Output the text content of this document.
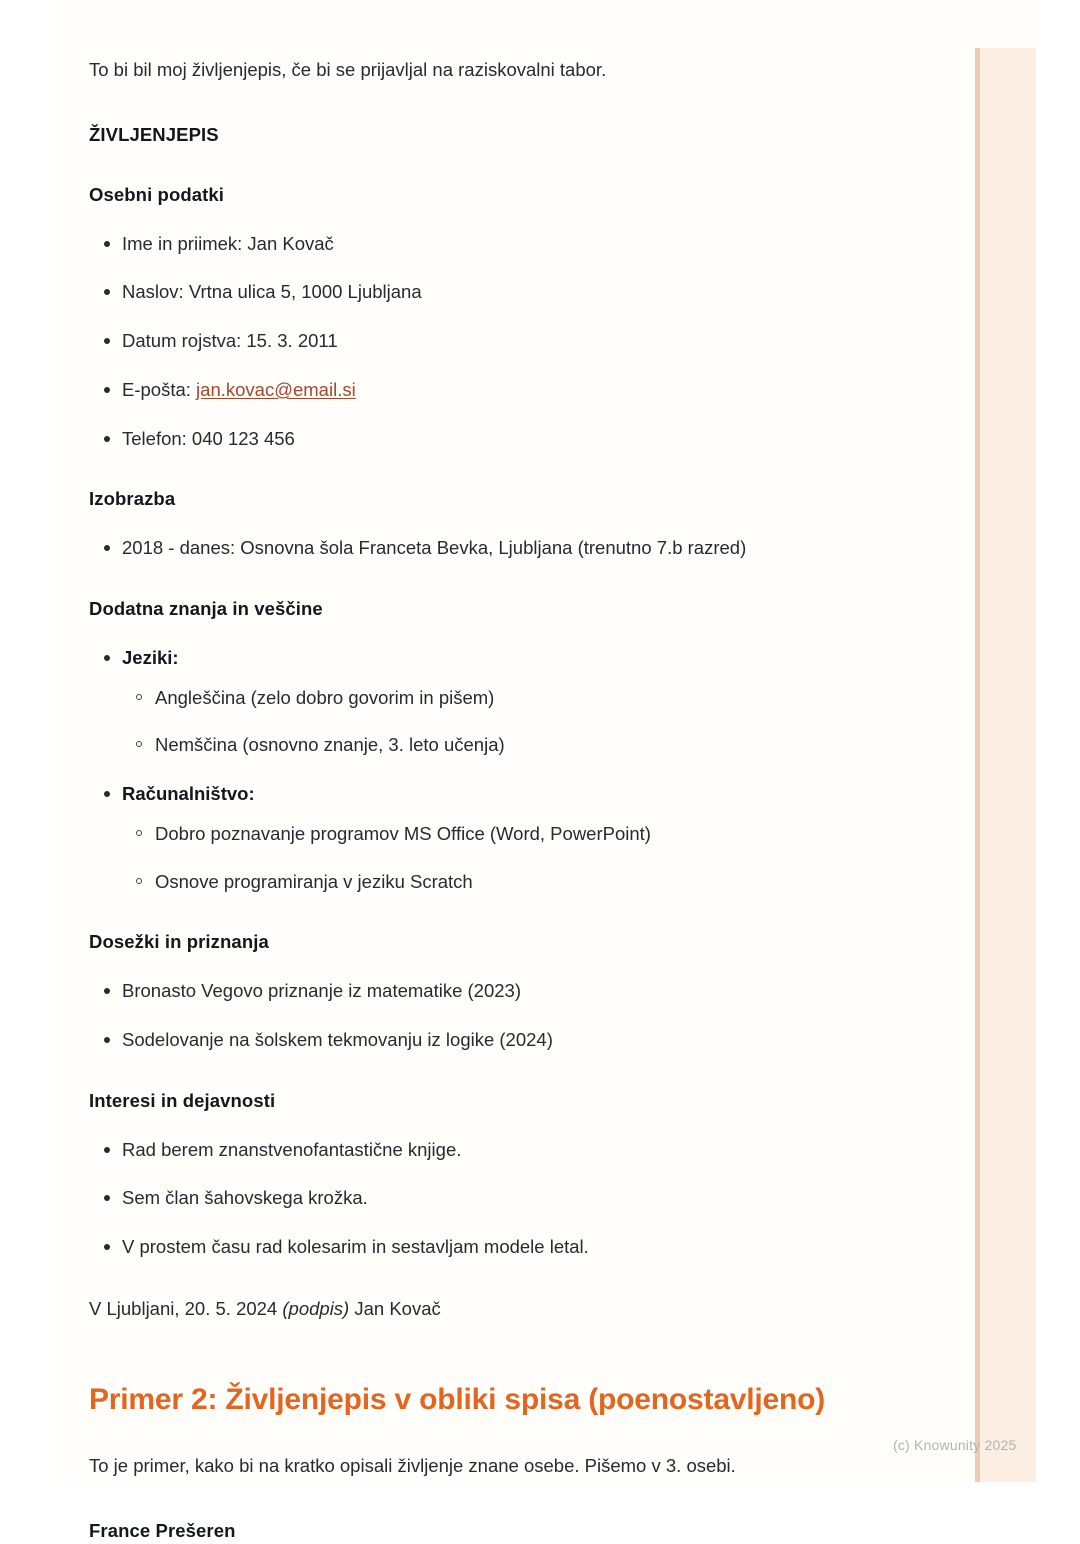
To bi bil moj življenjepis, če bi se prijavljal na raziskovalni tabor.

ŽIVLJENJEPIS
Osebni podatki
Ime in priimek: Jan Kovač
Naslov: Vrtna ulica 5, 1000 Ljubljana
Datum rojstva: 15. 3. 2011
E-pošta: jan.kovac@email.si
Telefon: 040 123 456
Izobrazba
2018 - danes: Osnovna šola Franceta Bevka, Ljubljana (trenutno 7.b razred)
Dodatna znanja in veščine
Jeziki:
Angleščina (zelo dobro govorim in pišem)
Nemščina (osnovno znanje, 3. leto učenja)
Računalništvo:
Dobro poznavanje programov MS Office (Word, PowerPoint)
Osnove programiranja v jeziku Scratch
Dosežki in priznanja
Bronasto Vegovo priznanje iz matematike (2023)
Sodelovanje na šolskem tekmovanju iz logike (2024)
Interesi in dejavnosti
Rad berem znanstvenofantastične knjige.
Sem član šahovskega krožka.
V prostem času rad kolesarim in sestavljam modele letal.

V Ljubljani, 20. 5. 2024 (podpis) Jan Kovač

Primer 2: Življenjepis v obliki spisa (poenostavljeno)

To je primer, kako bi na kratko opisali življenje znane osebe. Pišemo v 3. osebi.

France Prešeren
(c) Knowunity 2025
